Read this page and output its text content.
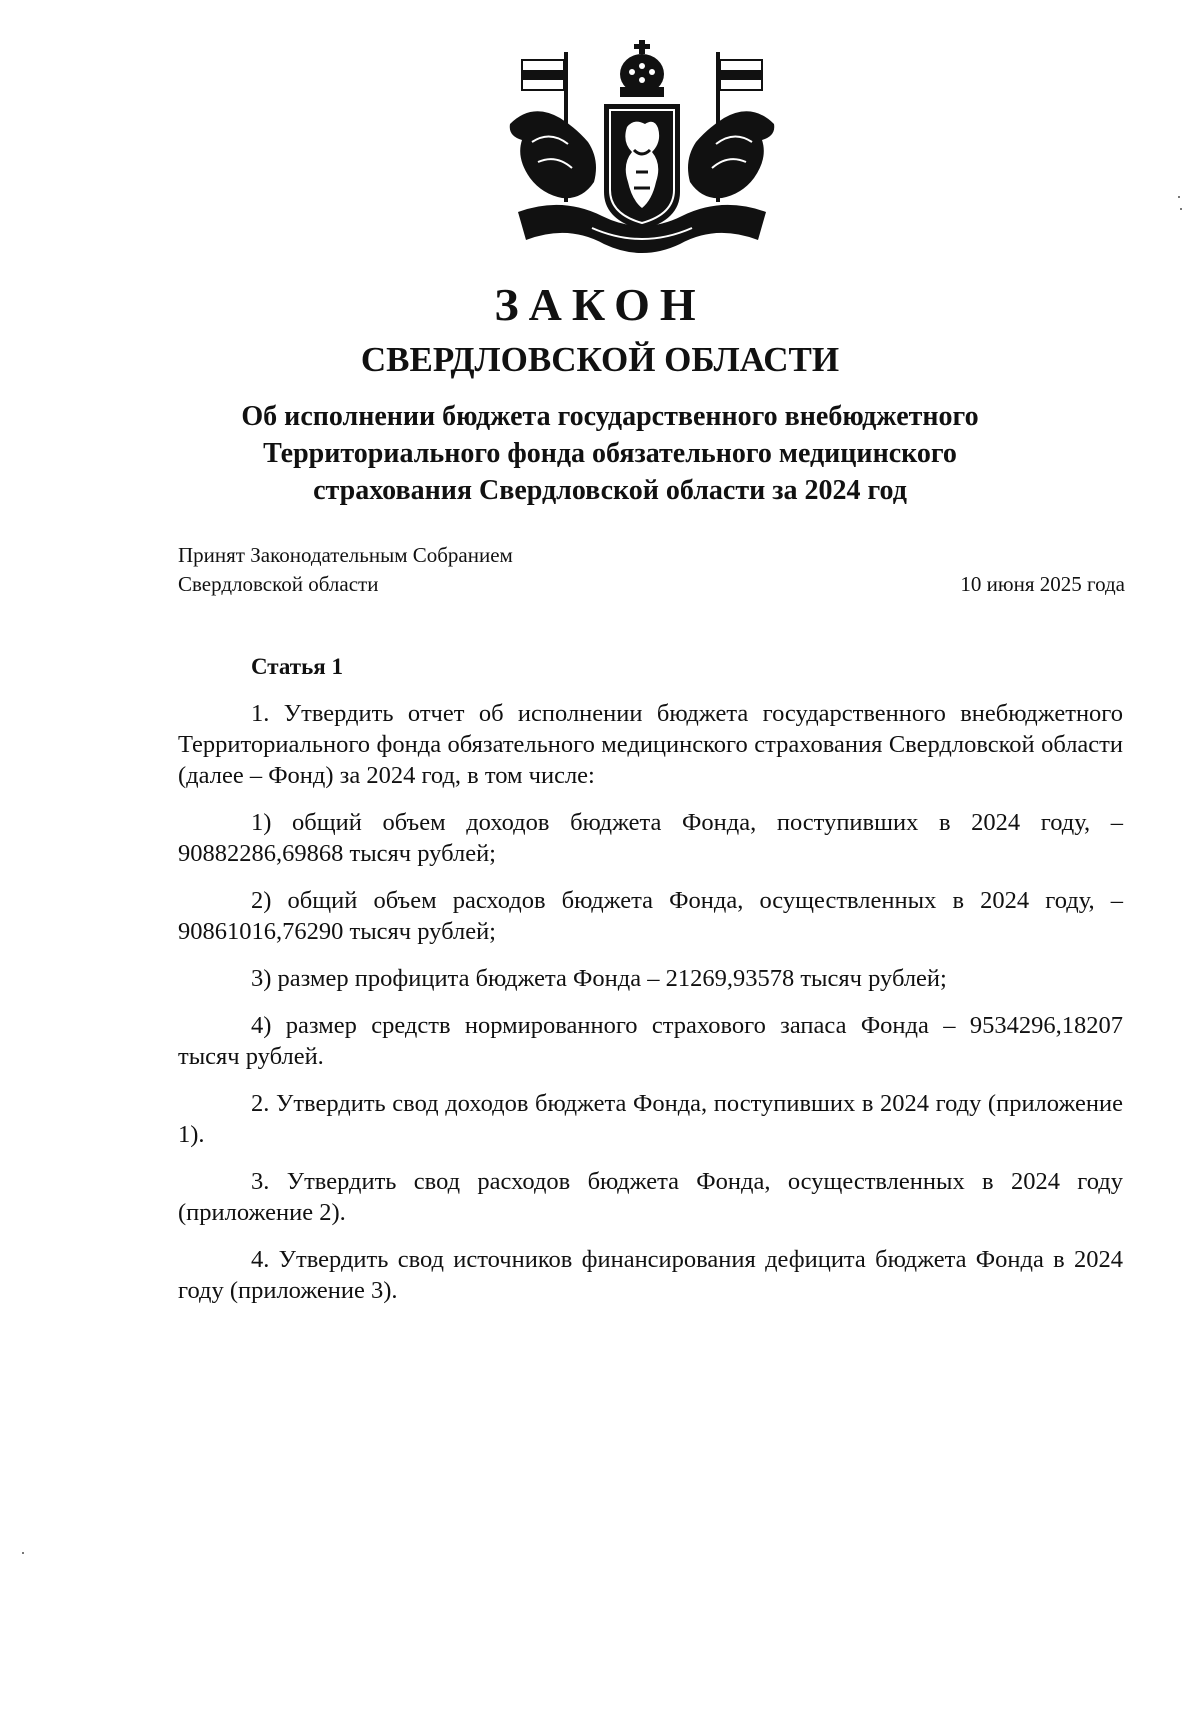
ЗАКОН
СВЕРДЛОВСКОЙ ОБЛАСТИ
Об исполнении бюджета государственного внебюджетного
Территориального фонда обязательного медицинского
страхования Свердловской области за 2024 год
Принят Законодательным Собранием
Свердловской области	10 июня 2025 года
Статья 1

1. Утвердить отчет об исполнении бюджета государственного внебюджетного Территориального фонда обязательного медицинского страхования Свердловской области (далее – Фонд) за 2024 год, в том числе:

1) общий объем доходов бюджета Фонда, поступивших в 2024 году, – 90882286,69868 тысяч рублей;

2) общий объем расходов бюджета Фонда, осуществленных в 2024 году, – 90861016,76290 тысяч рублей;

3) размер профицита бюджета Фонда – 21269,93578 тысяч рублей;

4) размер средств нормированного страхового запаса Фонда – 9534296,18207 тысяч рублей.

2. Утвердить свод доходов бюджета Фонда, поступивших в 2024 году (приложение 1).

3. Утвердить свод расходов бюджета Фонда, осуществленных в 2024 году (приложение 2).

4. Утвердить свод источников финансирования дефицита бюджета Фонда в 2024 году (приложение 3).
